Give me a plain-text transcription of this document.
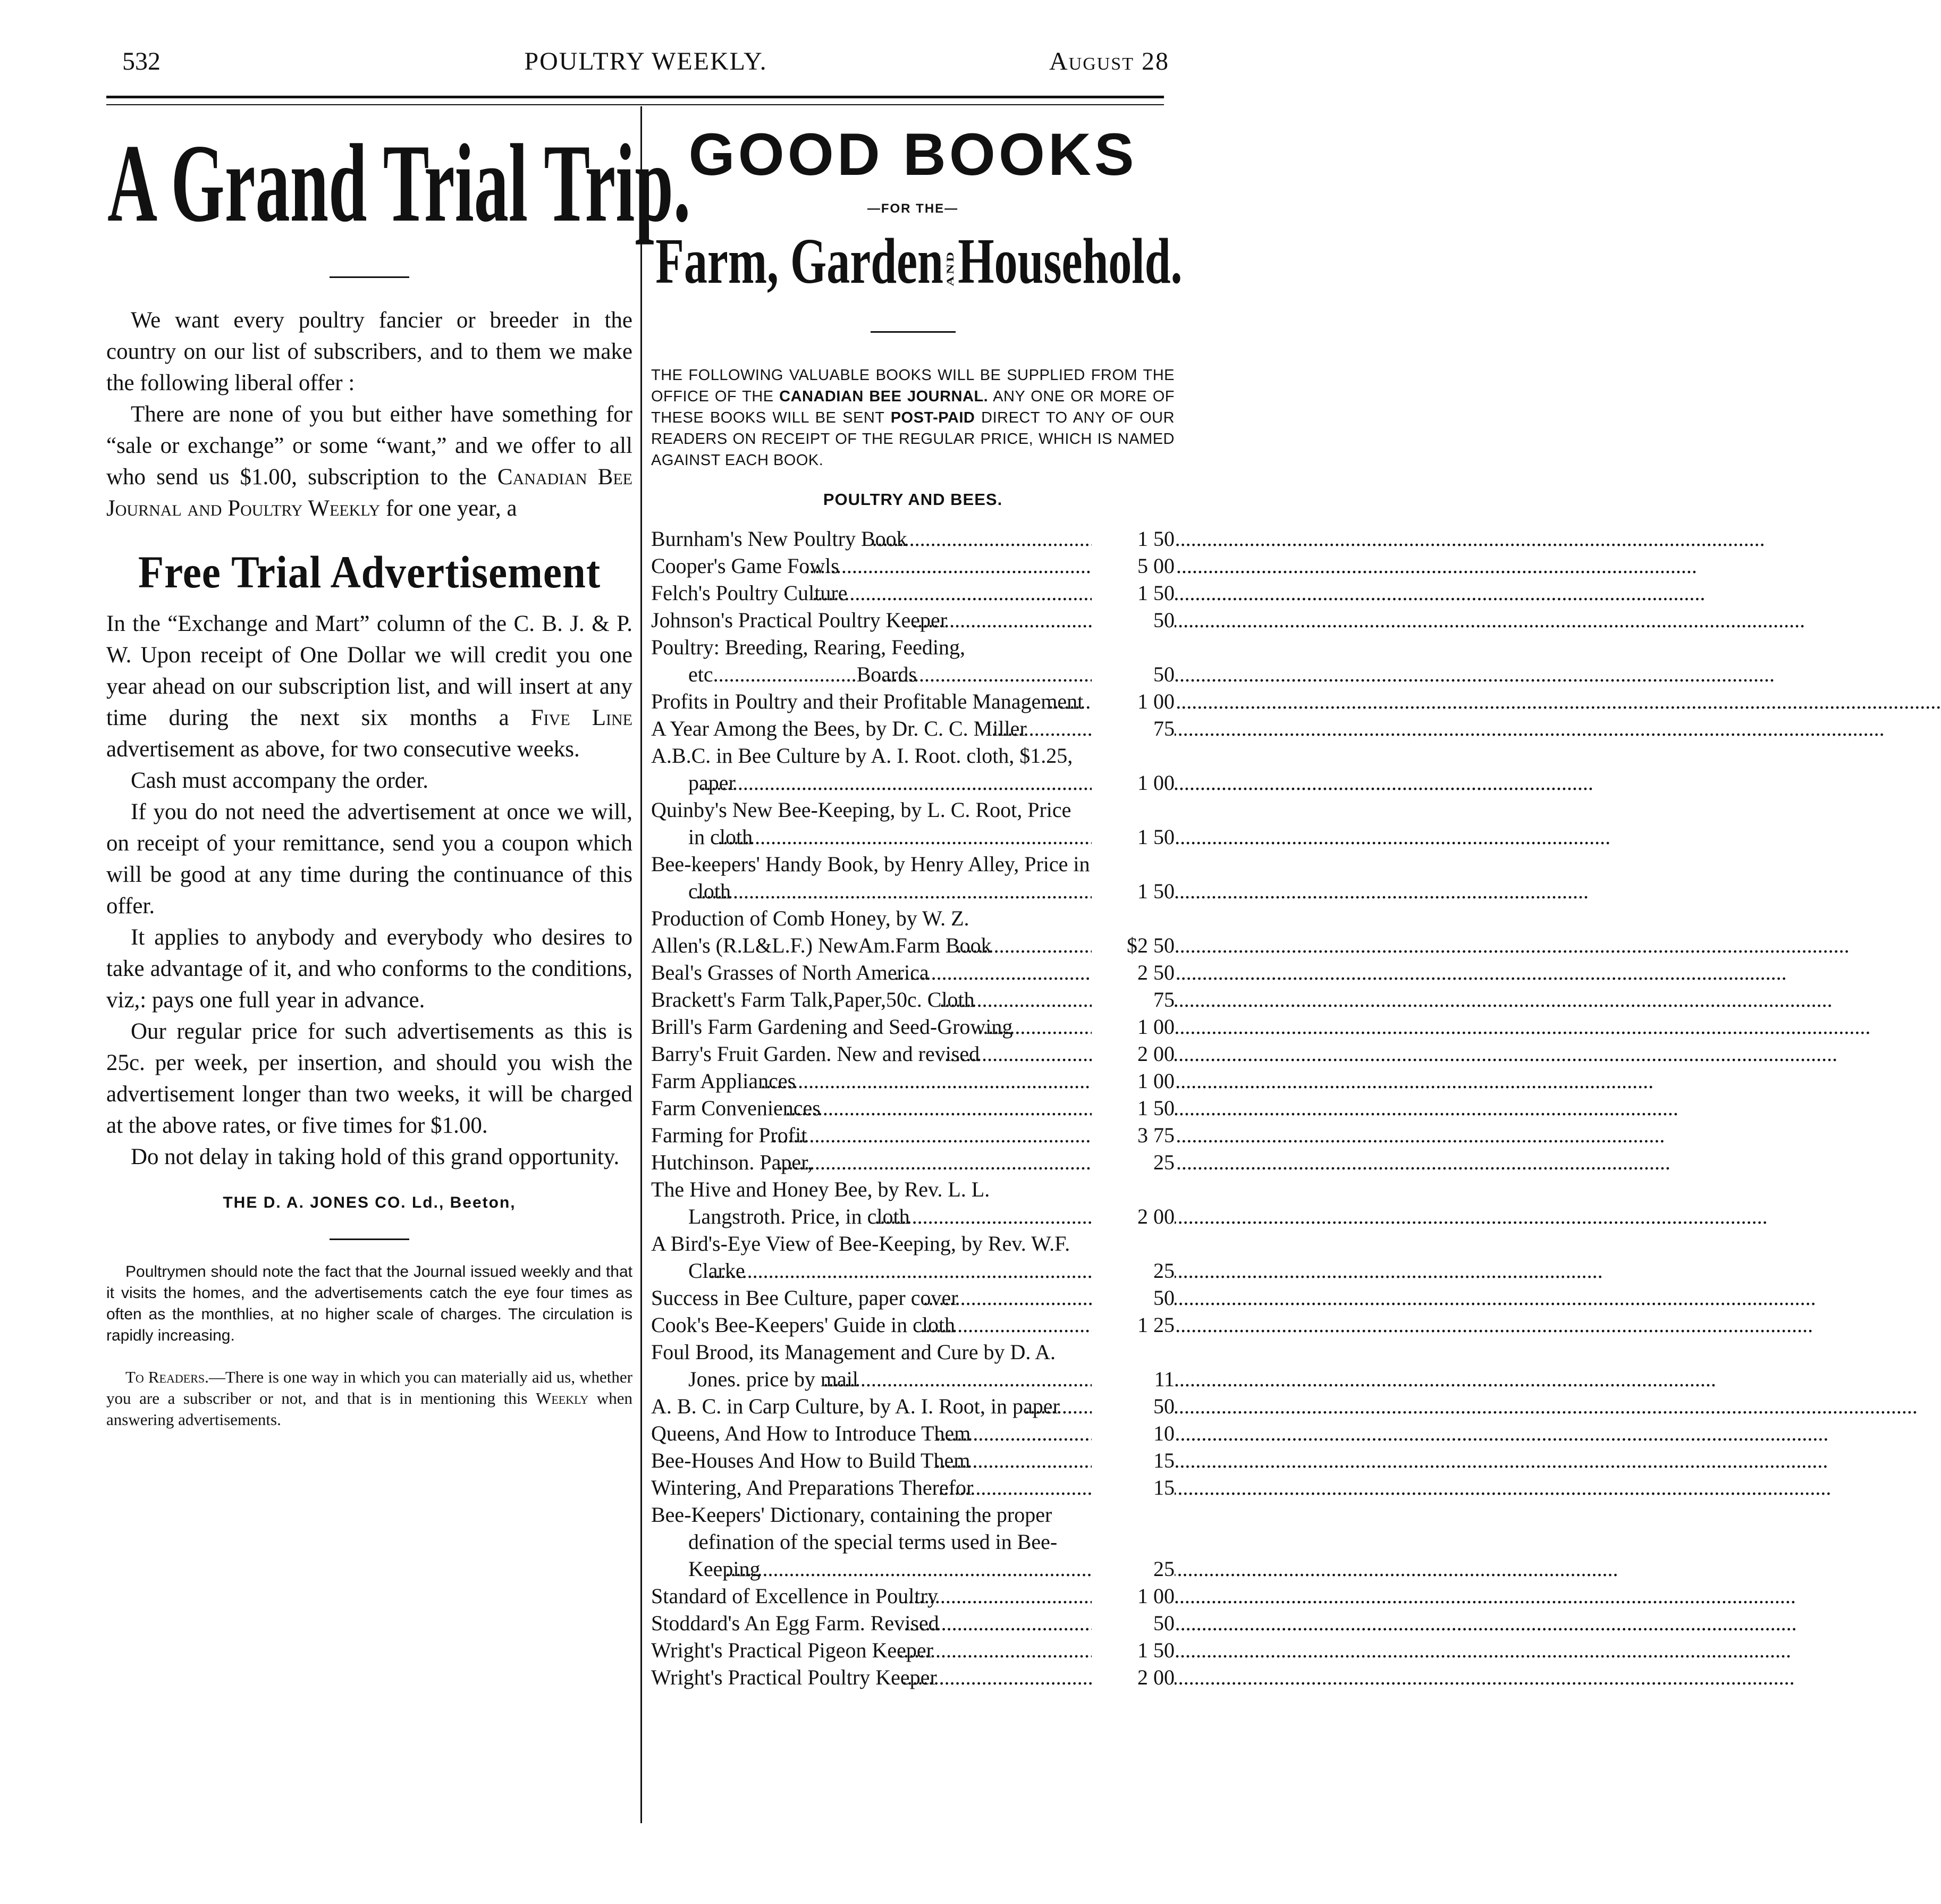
532	POULTRY WEEKLY.	August 28
A Grand Trial Trip.

We want every poultry fancier or breeder in the country on our list of subscribers, and to them we make the following liberal offer :

There are none of you but either have something for “sale or exchange” or some “want,” and we offer to all who send us $1.00, subscription to the Canadian Bee Journal and Poultry Weekly for one year, a

Free Trial Advertisement

In the “Exchange and Mart” column of the C. B. J. & P. W. Upon receipt of One Dollar we will credit you one year ahead on our subscription list, and will insert at any time during the next six months a Five Line advertisement as above, for two consecutive weeks.

Cash must accompany the order.

If you do not need the advertisement at once we will, on receipt of your remittance, send you a coupon which will be good at any time during the continuance of this offer.

It applies to anybody and everybody who desires to take advantage of it, and who conforms to the conditions, viz,: pays one full year in advance.

Our regular price for such advertisements as this is 25c. per week, per insertion, and should you wish the advertisement longer than two weeks, it will be charged at the above rates, or five times for $1.00.

Do not delay in taking hold of this grand opportunity.

THE D. A. JONES CO. Ld., Beeton,

Poultrymen should note the fact that the Journal issued weekly and that it visits the homes, and the advertisements catch the eye four times as often as the monthlies, at no higher scale of charges. The circulation is rapidly increasing.

To Readers.—There is one way in which you can materially aid us, whether you are a subscriber or not, and that is in mentioning this Weekly when answering advertisements.

GOOD BOOKS
—FOR THE—
Farm, Garden ANDHousehold.

THE FOLLOWING VALUABLE BOOKS WILL BE SUPPLIED FROM THE OFFICE OF THE CANADIAN BEE JOURNAL. ANY ONE OR MORE OF THESE BOOKS WILL BE SENT POST-PAID DIRECT TO ANY OF OUR READERS ON RECEIPT OF THE REGULAR PRICE, WHICH IS NAMED AGAINST EACH BOOK.

POULTRY AND BEES.
Burnham's New Poultry Book .....	1 50
Cooper's Game Fowls .....	5 00
Felch's Poultry Culture .....	1 50
Johnson's Practical Poultry Keeper .....	50
Poultry: Breeding, Rearing, Feeding, etc...........................Boards .....	50
Profits in Poultry and their Profitable Management .....	1 00
A Year Among the Bees, by Dr. C. C. Miller .....	75
A.B.C. in Bee Culture by A. I. Root. cloth, $1.25, paper .....	1 00
Quinby's New Bee-Keeping, by L. C. Root, Price in cloth .....	1 50
Bee-keepers' Handy Book, by Henry Alley, Price in cloth .....	1 50
Production of Comb Honey, by W. Z.
Allen's (R.L&L.F.) NewAm.Farm Book .....	$2 50
Beal's Grasses of North America .....	2 50
Brackett's Farm Talk,Paper,50c. Cloth .....	75
Brill's Farm Gardening and Seed-Growing .....	1 00
Barry's Fruit Garden. New and revised .....	2 00
Farm Appliances .....	1 00
Farm Conveniences .....	1 50
Farming for Profit .....	3 75
Hutchinson. Paper, .....	25
The Hive and Honey Bee, by Rev. L. L. Langstroth. Price, in cloth .....	2 00
A Bird's-Eye View of Bee-Keeping, by Rev. W.F. Clarke .....	25
Success in Bee Culture, paper cover .....	50
Cook's Bee-Keepers' Guide in cloth .....	1 25
Foul Brood, its Management and Cure by D. A. Jones. price by mail .....	11
A. B. C. in Carp Culture, by A. I. Root, in paper .....	50
Queens, And How to Introduce Them .....	10
Bee-Houses And How to Build Them .....	15
Wintering, And Preparations Therefor .....	15
Bee-Keepers' Dictionary, containing the proper defination of the special terms used in Bee-Keeping .....	25
Standard of Excellence in Poultry .....	1 00
Stoddard's An Egg Farm. Revised .....	50
Wright's Practical Pigeon Keeper .....	1 50
Wright's Practical Poultry Keeper .....	2 00
